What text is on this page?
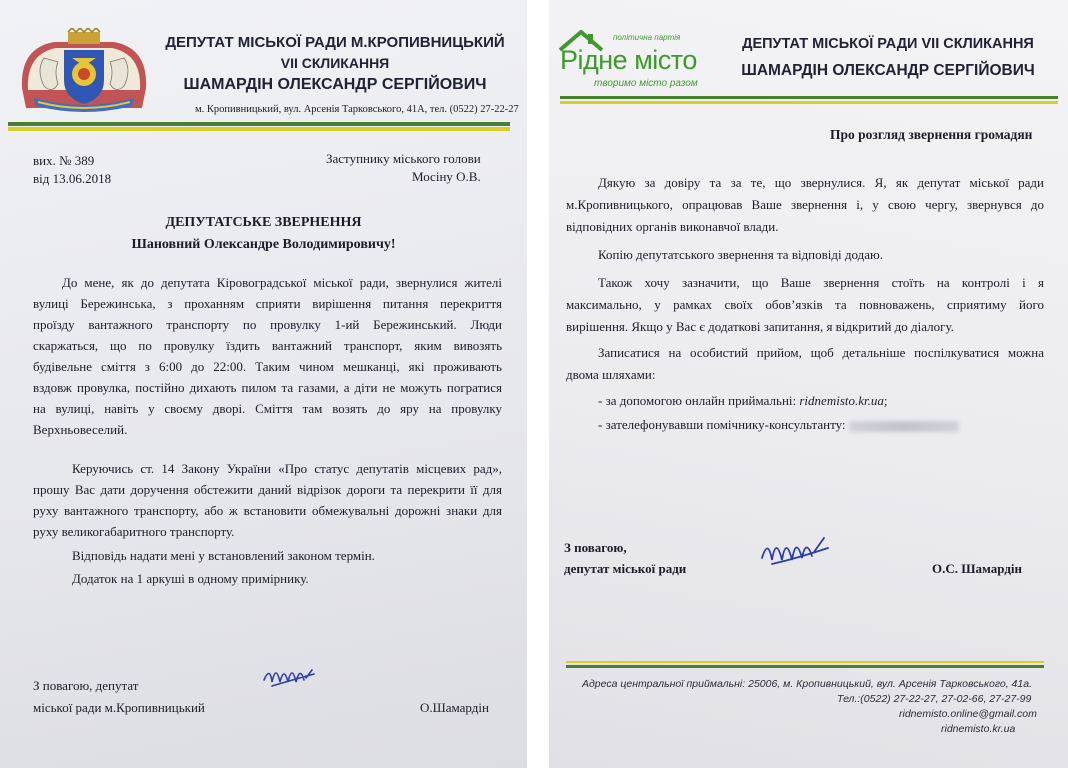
ДЕПУТАТ МІСЬКОЇ РАДИ М.КРОПИВНИЦЬКИЙ
VII СКЛИКАННЯ
ШАМАРДІН ОЛЕКСАНДР СЕРГІЙОВИЧ
м. Кропивницький, вул. Арсенія Тарковського, 41А, тел. (0522) 27-22-27
вих. № 389
від 13.06.2018
Заступнику міського голови
Мосіну О.В.
ДЕПУТАТСЬКЕ ЗВЕРНЕННЯ
Шановний Олександре Володимировичу!
До мене, як до депутата Кіровоградської міської ради, звернулися жителі
вулиці Бережинська, з проханням сприяти вирішення питання перекриття
проїзду вантажного транспорту по провулку 1-ий Бережинський. Люди
скаржаться, що по провулку їздить вантажний транспорт, яким вивозять
будівельне сміття з 6:00 до 22:00. Таким чином мешканці, які проживають
вздовж провулка, постійно дихають пилом та газами, а діти не можуть погратися
на вулиці, навіть у своєму дворі. Сміття там возять до яру на провулку
Верхньовеселий.
Керуючись ст. 14 Закону України «Про статус депутатів місцевих рад»,
прошу Вас дати доручення обстежити даний відрізок дороги та перекрити її для
руху вантажного транспорту, або ж встановити обмежувальні дорожні знаки для
руху великогабаритного транспорту.
Відповідь надати мені у встановлений законом термін.
Додаток на 1 аркуші в одному примірнику.
З повагою, депутат
міської ради м.Кропивницький	О.Шамардін
політична партія
Рідне місто
творимо місто разом
ДЕПУТАТ МІСЬКОЇ РАДИ VII СКЛИКАННЯ
ШАМАРДІН ОЛЕКСАНДР СЕРГІЙОВИЧ
Про розгляд звернення громадян
Дякую за довіру та за те, що звернулися. Я, як депутат міської ради
м.Кропивницького, опрацював Ваше звернення і, у свою чергу, звернувся до
відповідних органів виконавчої влади.
Копію депутатського звернення та відповіді додаю.
Також хочу зазначити, що Ваше звернення стоїть на контролі і я
максимально, у рамках своїх обов’язків та повноважень, сприятиму його
вирішення. Якщо у Вас є додаткові запитання, я відкритий до діалогу.
Записатися на особистий прийом, щоб детальніше поспілкуватися можна
двома шляхами:
- за допомогою онлайн приймальні: ridnemisto.kr.ua;
- зателефонувавши помічнику-консультанту:
З повагою,
депутат міської ради	О.С. Шамардін
Адреса центральної приймальні: 25006, м. Кропивницький, вул. Арсенія Тарковського, 41а.
Тел.:(0522) 27-22-27, 27-02-66, 27-27-99
ridnemisto.online@gmail.com
ridnemisto.kr.ua
